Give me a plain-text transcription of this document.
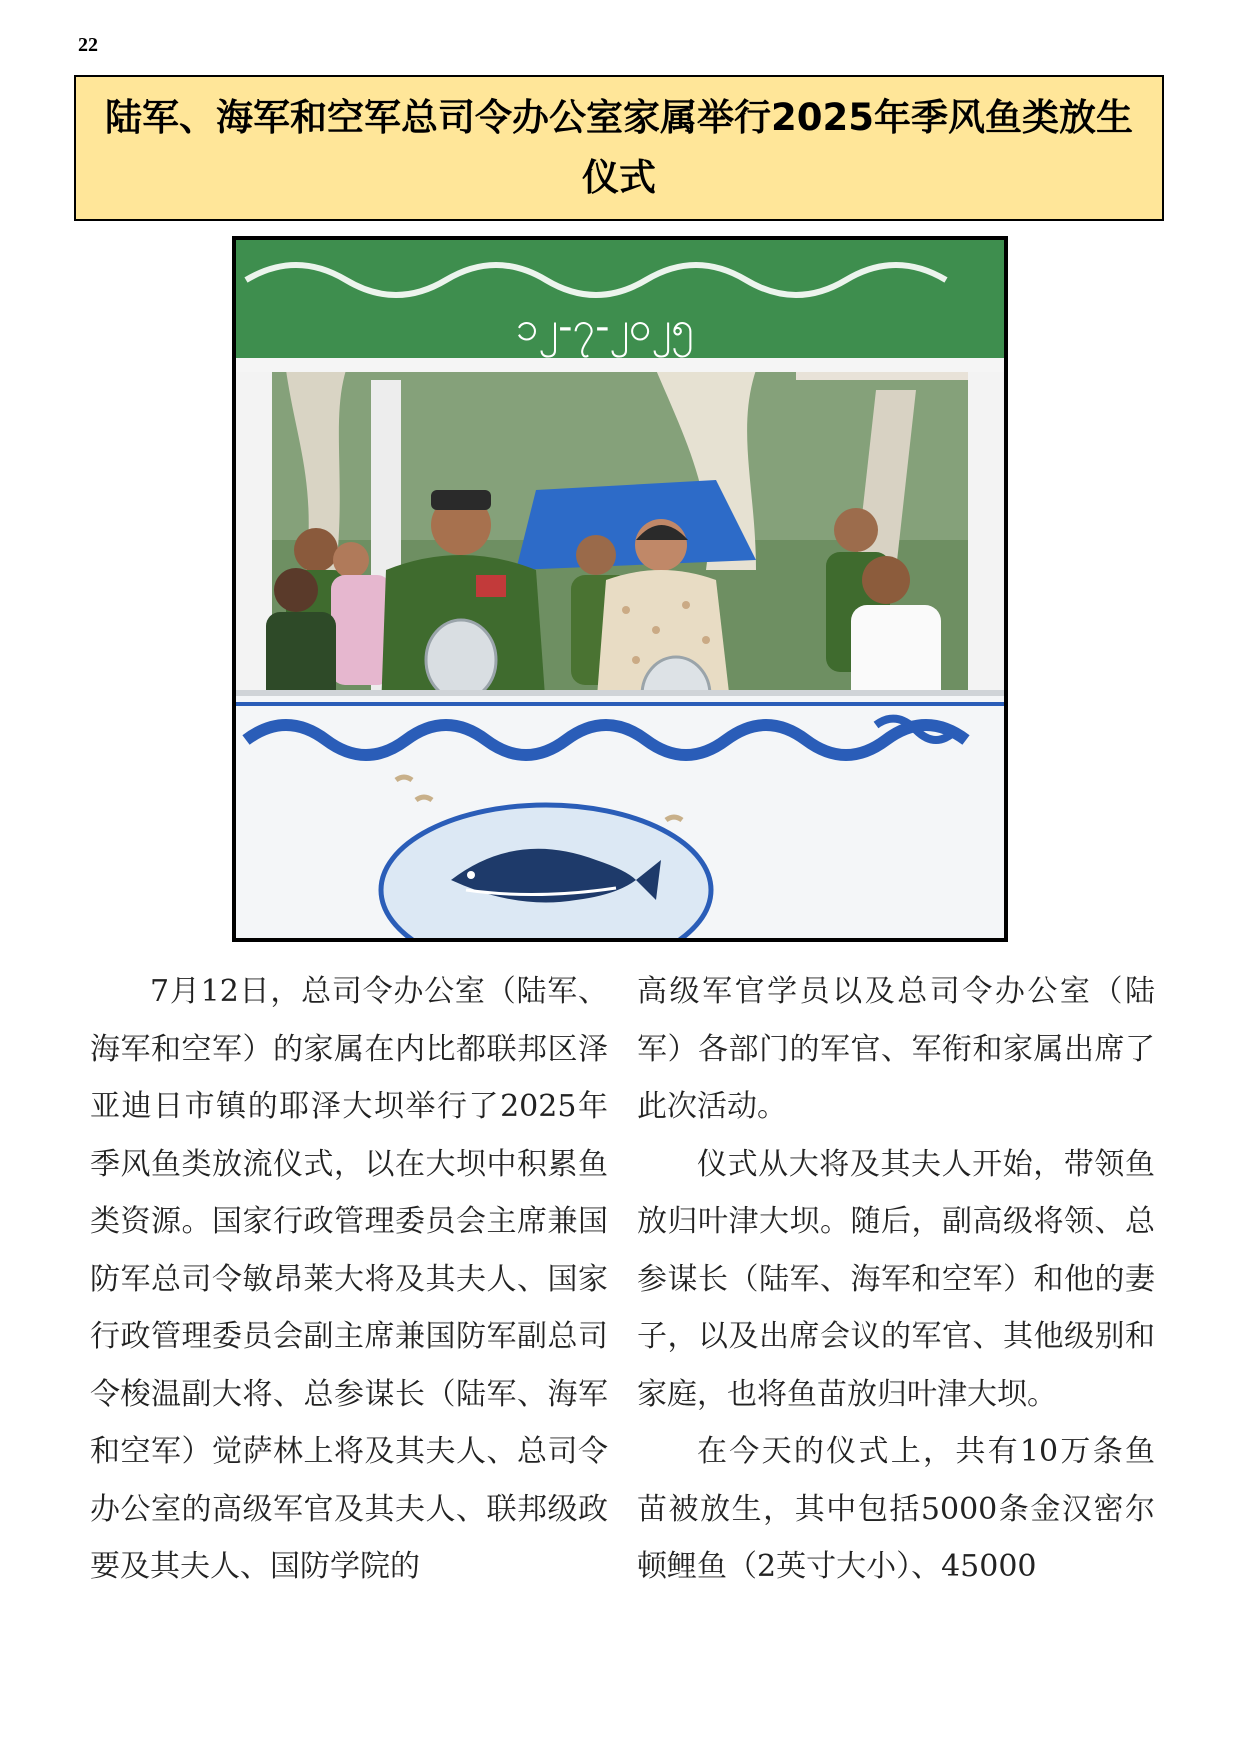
22
陆军、海军和空军总司令办公室家属举行2025年季风鱼类放生仪式
၁၂-၇-၂၀၂၅

7月12日，总司令办公室（陆军、海军和空军）的家属在内比都联邦区泽亚迪日市镇的耶泽大坝举行了2025年季风鱼类放流仪式，以在大坝中积累鱼类资源。国家行政管理委员会主席兼国防军总司令敏昂莱大将及其夫人、国家行政管理委员会副主席兼国防军副总司令梭温副大将、总参谋长（陆军、海军和空军）觉萨林上将及其夫人、总司令办公室的高级军官及其夫人、联邦级政要及其夫人、国防学院的

高级军官学员以及总司令办公室（陆军）各部门的军官、军衔和家属出席了此次活动。

仪式从大将及其夫人开始，带领鱼放归叶津大坝。随后，副高级将领、总参谋长（陆军、海军和空军）和他的妻子，以及出席会议的军官、其他级别和家庭，也将鱼苗放归叶津大坝。

在今天的仪式上，共有10万条鱼苗被放生，其中包括5000条金汉密尔顿鲤鱼（2英寸大小）、45000
